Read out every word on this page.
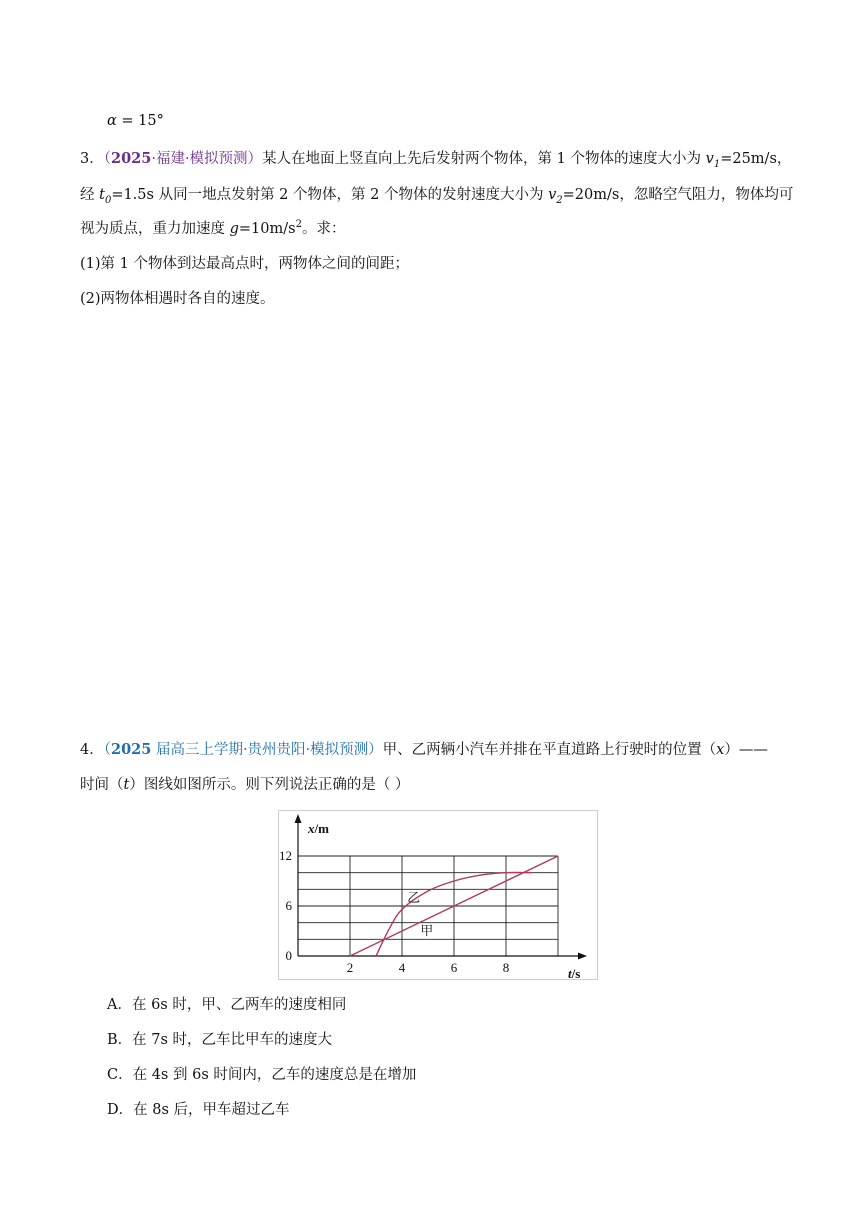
α = 15°
3．（2025·福建·模拟预测）某人在地面上竖直向上先后发射两个物体，第 1 个物体的速度大小为 $v_1=25m/s$，
经 $t_0=1.5s$ 从同一地点发射第 2 个物体，第 2 个物体的发射速度大小为 $v_2=20m/s$，忽略空气阻力，物体均可
视为质点，重力加速度 $g=10m/s^2$。求：
(1)第 1 个物体到达最高点时，两物体之间的间距；
(2)两物体相遇时各自的速度。
4．（2025 届高三上学期·贵州贵阳·模拟预测）甲、乙两辆小汽车并排在平直道路上行驶时的位置（x）——
时间（t）图线如图所示。则下列说法正确的是（ ）
x/m
t/s
2	4	6	8
0
6
12
乙
甲
A．在 6s 时，甲、乙两车的速度相同
B．在 7s 时，乙车比甲车的速度大
C．在 4s 到 6s 时间内，乙车的速度总是在增加
D．在 8s 后，甲车超过乙车
